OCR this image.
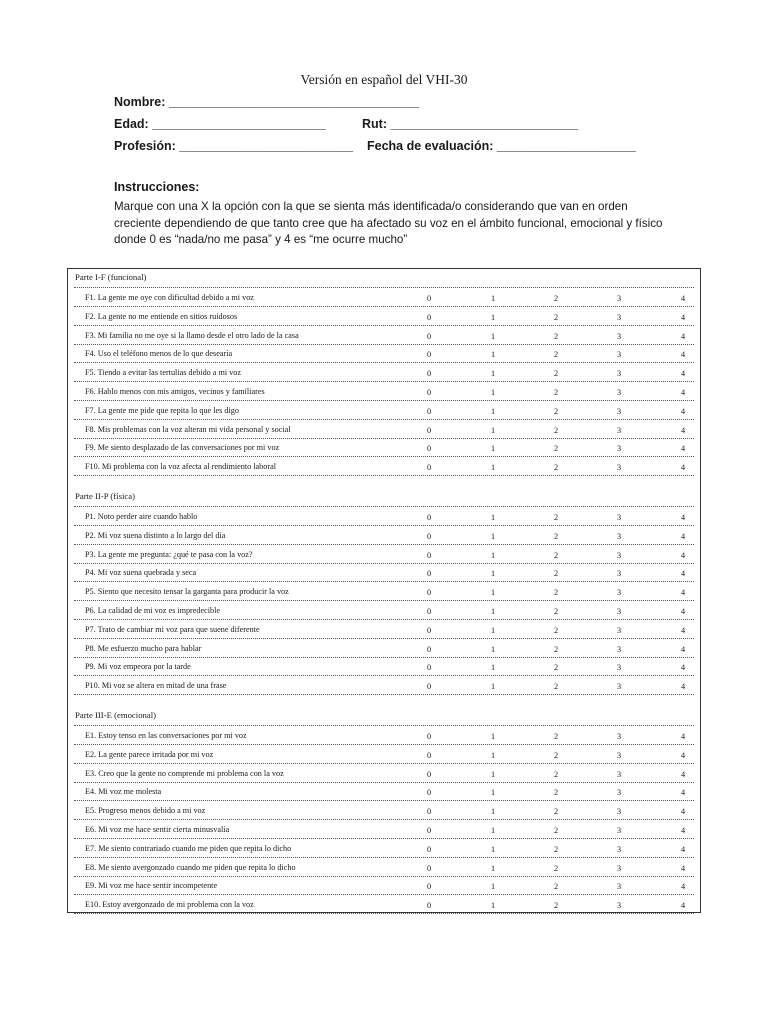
Versión en español del VHI-30
Nombre: ____________________________________
Edad: _________________________	Rut: ___________________________
Profesión: _________________________ Fecha de evaluación: ____________________
Instrucciones:
Marque con una X la opción con la que se sienta más identificada/o considerando que van en orden creciente dependiendo de que tanto cree que ha afectado su voz en el ámbito funcional, emocional y físico donde 0 es “nada/no me pasa” y 4 es “me ocurre mucho”
Parte I-F (funcional)
F1. La gente me oye con dificultad debido a mi voz	0	1	2	3	4
F2. La gente no me entiende en sitios ruidosos	0	1	2	3	4
F3. Mi familia no me oye si la llamo desde el otro lado de la casa	0	1	2	3	4
F4. Uso el teléfono menos de lo que desearía	0	1	2	3	4
F5. Tiendo a evitar las tertulias debido a mi voz	0	1	2	3	4
F6. Hablo menos con mis amigos, vecinos y familiares	0	1	2	3	4
F7. La gente me pide que repita lo que les digo	0	1	2	3	4
F8. Mis problemas con la voz alteran mi vida personal y social	0	1	2	3	4
F9. Me siento desplazado de las conversaciones por mi voz	0	1	2	3	4
F10. Mi problema con la voz afecta al rendimiento laboral	0	1	2	3	4
Parte II-P (física)
P1. Noto perder aire cuando hablo	0	1	2	3	4
P2. Mi voz suena distinto a lo largo del día	0	1	2	3	4
P3. La gente me pregunta: ¿qué te pasa con la voz?	0	1	2	3	4
P4. Mi voz suena quebrada y seca	0	1	2	3	4
P5. Siento que necesito tensar la garganta para producir la voz	0	1	2	3	4
P6. La calidad de mi voz es impredecible	0	1	2	3	4
P7. Trato de cambiar mi voz para que suene diferente	0	1	2	3	4
P8. Me esfuerzo mucho para hablar	0	1	2	3	4
P9. Mi voz empeora por la tarde	0	1	2	3	4
P10. Mi voz se altera en mitad de una frase	0	1	2	3	4
Parte III-E (emocional)
E1. Estoy tenso en las conversaciones por mi voz	0	1	2	3	4
E2. La gente parece irritada por mi voz	0	1	2	3	4
E3. Creo que la gente no comprende mi problema con la voz	0	1	2	3	4
E4. Mi voz me molesta	0	1	2	3	4
E5. Progreso menos debido a mi voz	0	1	2	3	4
E6. Mi voz me hace sentir cierta minusvalía	0	1	2	3	4
E7. Me siento contrariado cuando me piden que repita lo dicho	0	1	2	3	4
E8. Me siento avergonzado cuando me piden que repita lo dicho	0	1	2	3	4
E9. Mi voz me hace sentir incompetente	0	1	2	3	4
E10. Estoy avergonzado de mi problema con la voz	0	1	2	3	4
